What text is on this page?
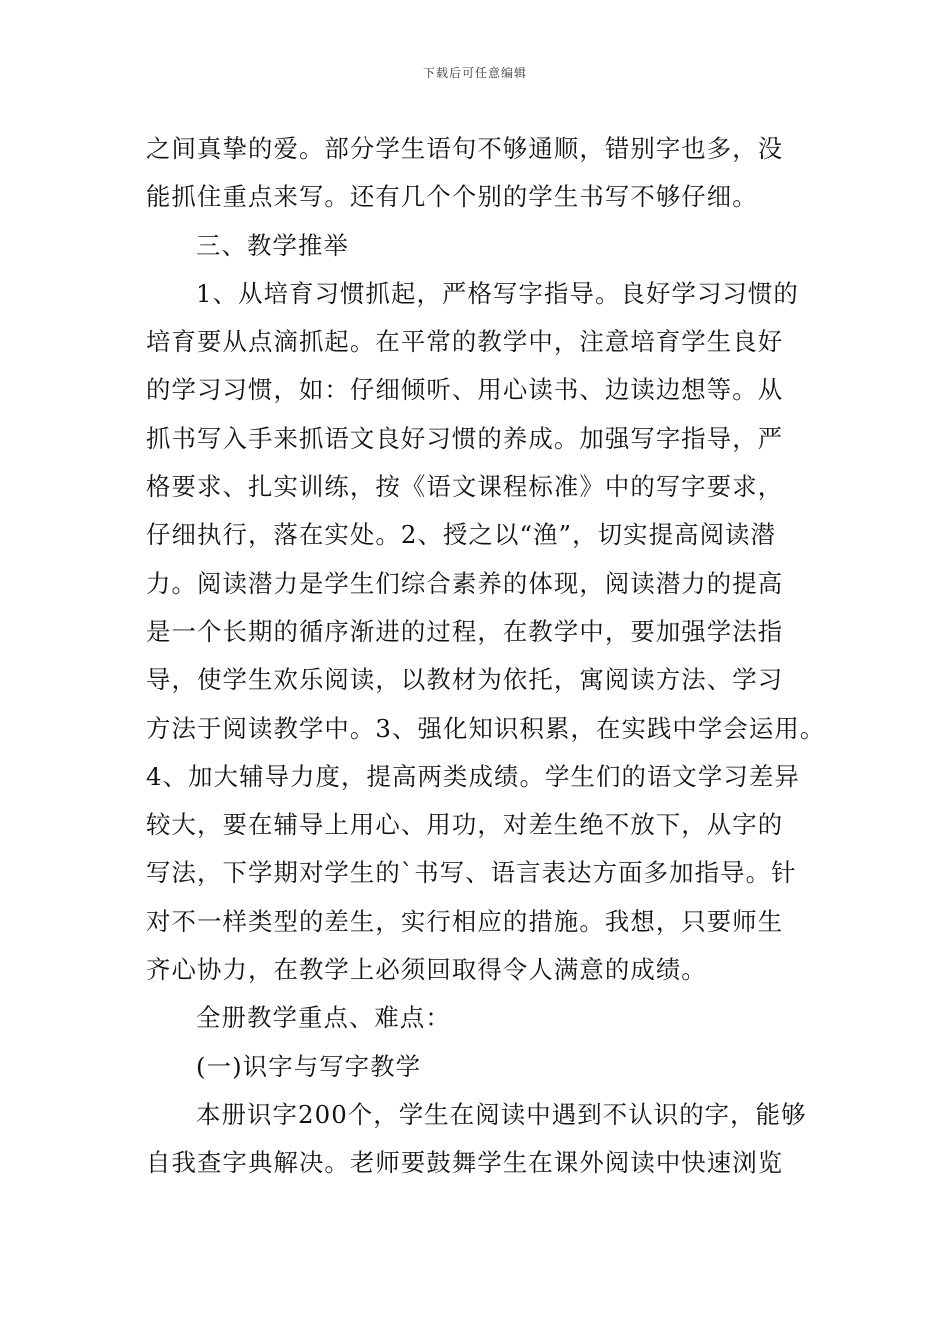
下载后可任意编辑
之间真挚的爱。部分学生语句不够通顺，错别字也多，没
能抓住重点来写。还有几个个别的学生书写不够仔细。
三、教学推举
1、从培育习惯抓起，严格写字指导。良好学习习惯的
培育要从点滴抓起。在平常的教学中，注意培育学生良好
的学习习惯，如：仔细倾听、用心读书、边读边想等。从
抓书写入手来抓语文良好习惯的养成。加强写字指导，严
格要求、扎实训练，按《语文课程标准》中的写字要求，
仔细执行，落在实处。2、授之以“渔”，切实提高阅读潜
力。阅读潜力是学生们综合素养的体现，阅读潜力的提高
是一个长期的循序渐进的过程，在教学中，要加强学法指
导，使学生欢乐阅读，以教材为依托，寓阅读方法、学习
方法于阅读教学中。3、强化知识积累，在实践中学会运用。
4、加大辅导力度，提高两类成绩。学生们的语文学习差异
较大，要在辅导上用心、用功，对差生绝不放下，从字的
写法，下学期对学生的`书写、语言表达方面多加指导。针
对不一样类型的差生，实行相应的措施。我想，只要师生
齐心协力，在教学上必须回取得令人满意的成绩。
全册教学重点、难点：
(一)识字与写字教学
本册识字200个，学生在阅读中遇到不认识的字，能够
自我查字典解决。老师要鼓舞学生在课外阅读中快速浏览
